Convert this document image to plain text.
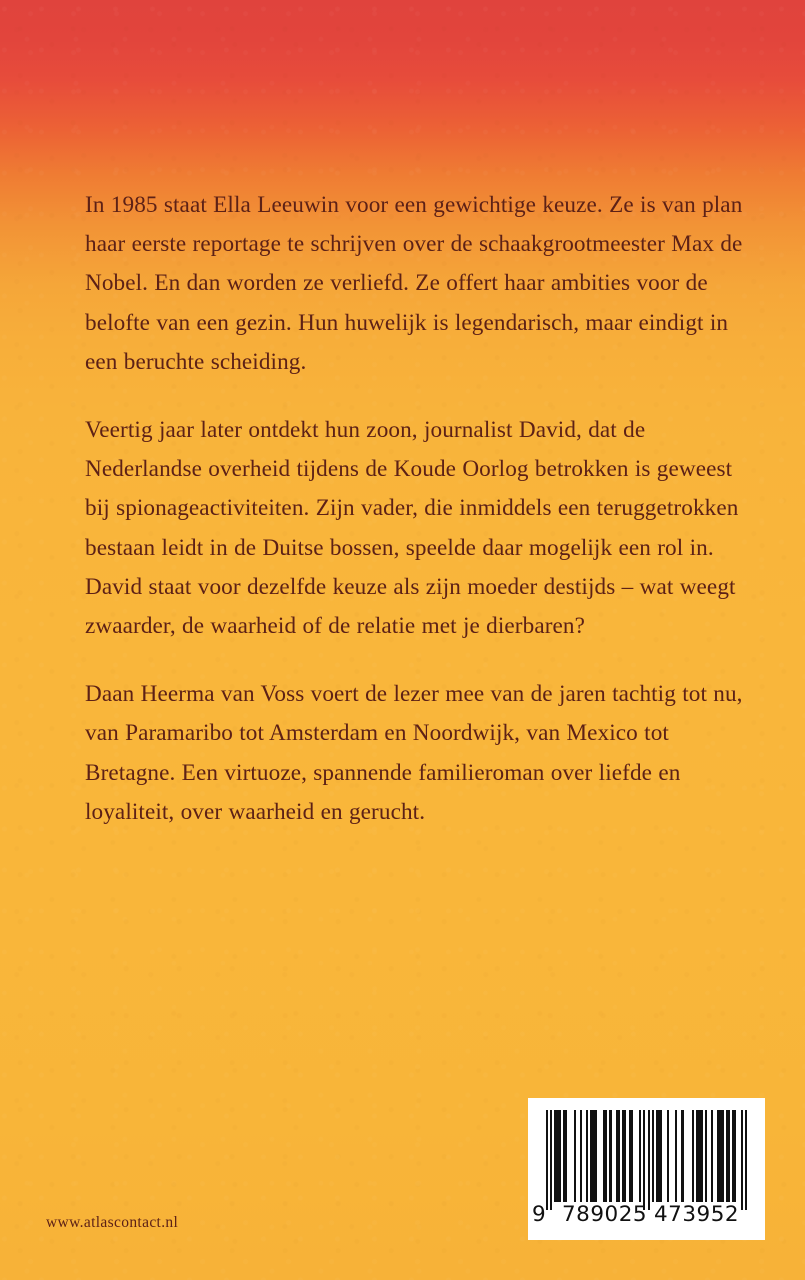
In 1985 staat Ella Leeuwin voor een gewichtige keuze. Ze is van plan haar eerste reportage te schrijven over de schaakgrootmeester Max de Nobel. En dan worden ze verliefd. Ze offert haar ambities voor de belofte van een gezin. Hun huwelijk is legendarisch, maar eindigt in een beruchte scheiding.

Veertig jaar later ontdekt hun zoon, journalist David, dat de Nederlandse overheid tijdens de Koude Oorlog betrokken is geweest bij spionageactiviteiten. Zijn vader, die inmiddels een teruggetrokken bestaan leidt in de Duitse bossen, speelde daar mogelijk een rol in. David staat voor dezelfde keuze als zijn moeder destijds – wat weegt zwaarder, de waarheid of de relatie met je dierbaren?

Daan Heerma van Voss voert de lezer mee van de jaren tachtig tot nu, van Paramaribo tot Amsterdam en Noordwijk, van Mexico tot Bretagne. Een virtuoze, spannende familieroman over liefde en loyaliteit, over waarheid en gerucht.

www.atlascontact.nl	9 789025 473952
